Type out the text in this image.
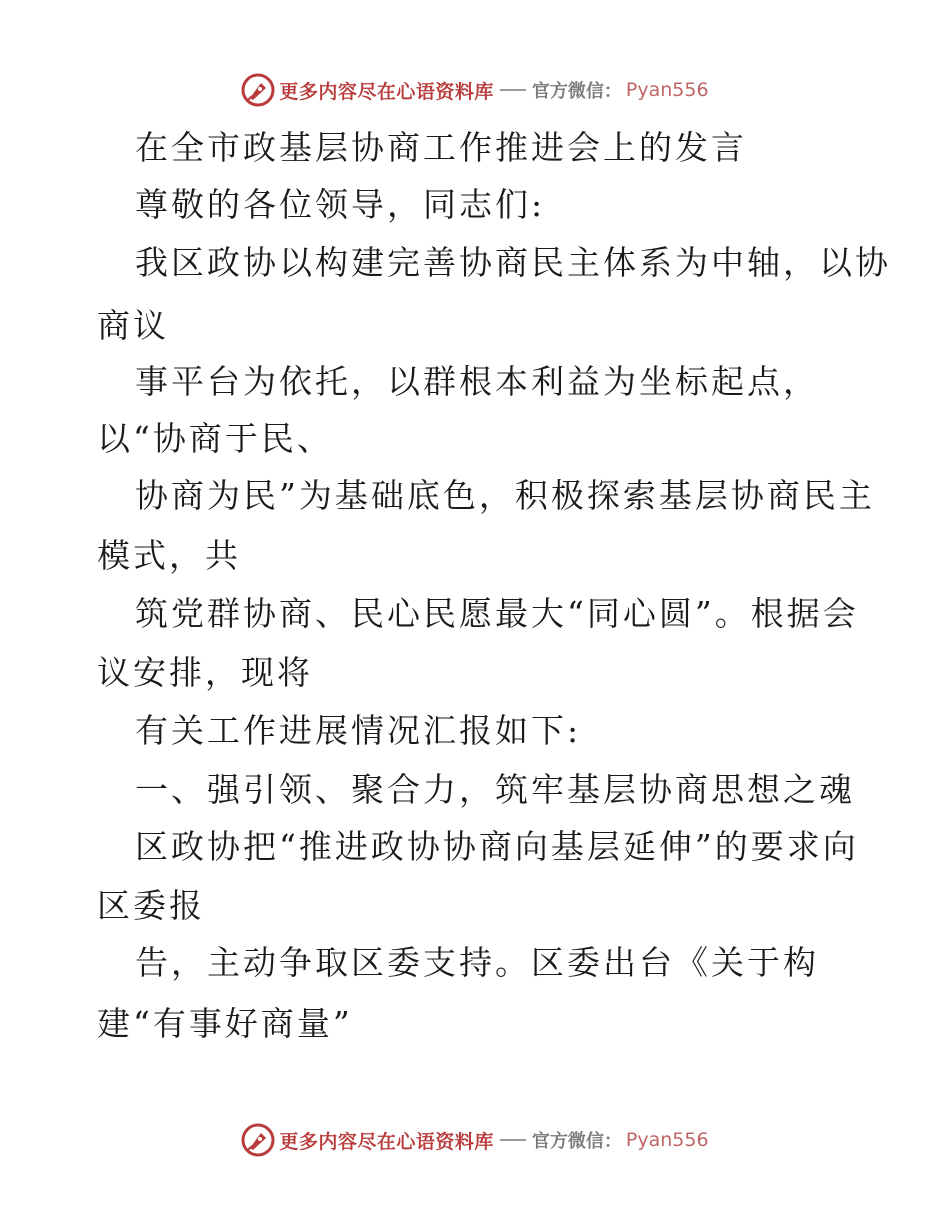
更多内容尽在心语资料库 官方微信： Pyan556
在全市政基层协商工作推进会上的发言
尊敬的各位领导，同志们:
我区政协以构建完善协商民主体系为中轴，以协
商议
事平台为依托，以群根本利益为坐标起点，
以“协商于民、
协商为民”为基础底色，积极探索基层协商民主
模式，共
筑党群协商、民心民愿最大“同心圆”。根据会
议安排，现将
有关工作进展情况汇报如下:
一、强引领、聚合力，筑牢基层协商思想之魂
区政协把“推进政协协商向基层延伸”的要求向
区委报
告，主动争取区委支持。区委出台《关于构
建“有事好商量”
更多内容尽在心语资料库 官方微信： Pyan556
